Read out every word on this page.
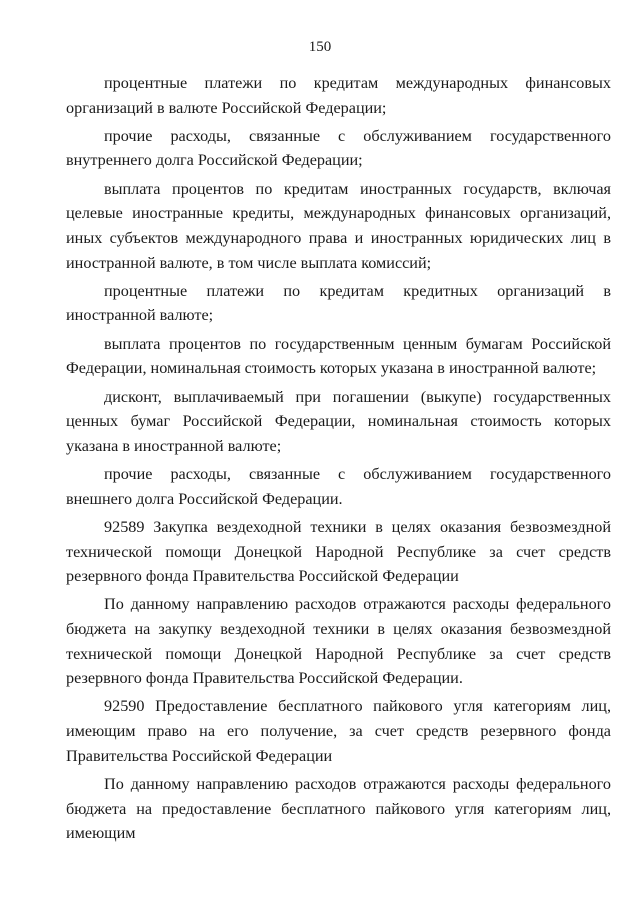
150

процентные платежи по кредитам международных финансовых организаций в валюте Российской Федерации;

прочие расходы, связанные с обслуживанием государственного внутреннего долга Российской Федерации;

выплата процентов по кредитам иностранных государств, включая целевые иностранные кредиты, международных финансовых организаций, иных субъектов международного права и иностранных юридических лиц в иностранной валюте, в том числе выплата комиссий;

процентные платежи по кредитам кредитных организаций в иностранной валюте;

выплата процентов по государственным ценным бумагам Российской Федерации, номинальная стоимость которых указана в иностранной валюте;

дисконт, выплачиваемый при погашении (выкупе) государственных ценных бумаг Российской Федерации, номинальная стоимость которых указана в иностранной валюте;

прочие расходы, связанные с обслуживанием государственного внешнего долга Российской Федерации.

92589 Закупка вездеходной техники в целях оказания безвозмездной технической помощи Донецкой Народной Республике за счет средств резервного фонда Правительства Российской Федерации

По данному направлению расходов отражаются расходы федерального бюджета на закупку вездеходной техники в целях оказания безвозмездной технической помощи Донецкой Народной Республике за счет средств резервного фонда Правительства Российской Федерации.

92590 Предоставление бесплатного пайкового угля категориям лиц, имеющим право на его получение, за счет средств резервного фонда Правительства Российской Федерации

По данному направлению расходов отражаются расходы федерального бюджета на предоставление бесплатного пайкового угля категориям лиц, имеющим
